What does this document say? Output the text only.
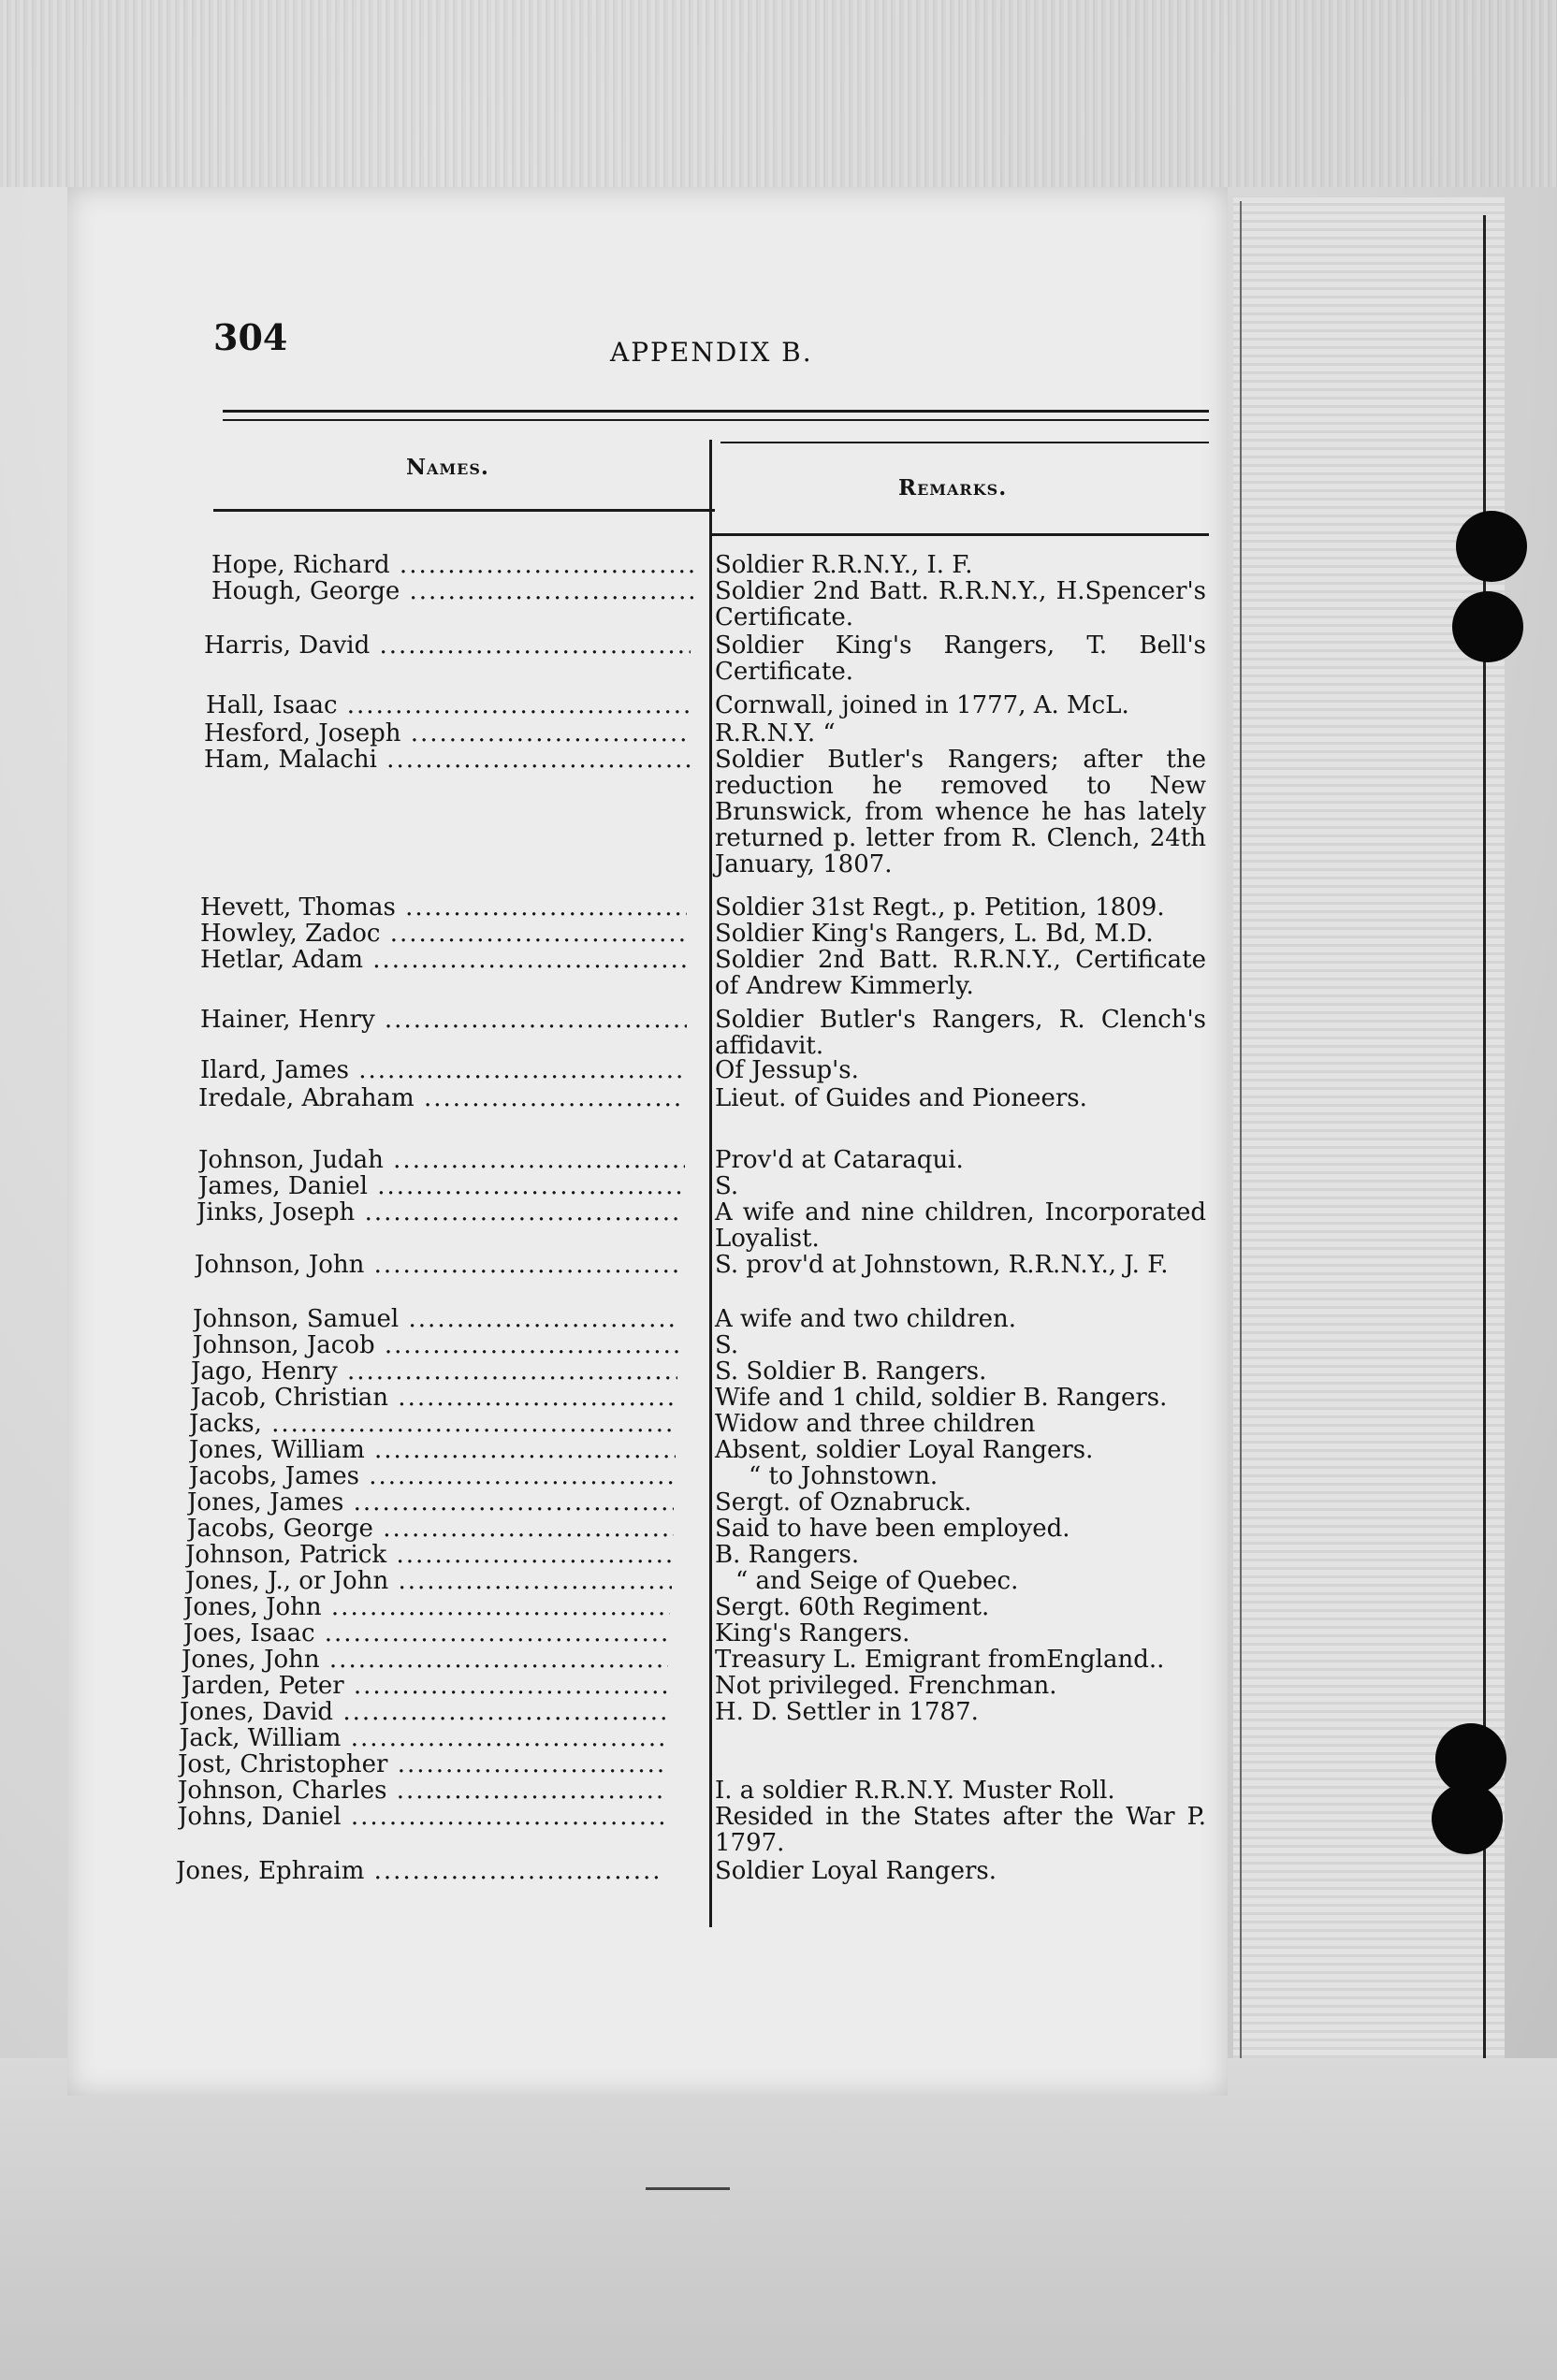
304	APPENDIX B.
Names.
Remarks.
Hope, Richard .....	Soldier R.R.N.Y., I. F.
Hough, George .....	Soldier 2nd Batt. R.R.N.Y., H.Spencer's Certificate.
Harris, David .....	Soldier King's Rangers, T. Bell's Certificate.
Hall, Isaac .....	Cornwall, joined in 1777, A. McL.
Hesford, Joseph .....	R.R.N.Y. “
Ham, Malachi .....	Soldier Butler's Rangers; after the reduction he removed to New Brunswick, from whence he has lately returned p. letter from R. Clench, 24th January, 1807.
Hevett, Thomas .....	Soldier 31st Regt., p. Petition, 1809.
Howley, Zadoc .....	Soldier King's Rangers, L. Bd, M.D.
Hetlar, Adam .....	Soldier 2nd Batt. R.R.N.Y., Certificate of Andrew Kimmerly.
Hainer, Henry .....	Soldier Butler's Rangers, R. Clench's affidavit.
Ilard, James .....	Of Jessup's.
Iredale, Abraham .....	Lieut. of Guides and Pioneers.
Johnson, Judah .....	Prov'd at Cataraqui.
James, Daniel .....	S.
Jinks, Joseph .....	A wife and nine children, Incorporated Loyalist.
Johnson, John .....	S. prov'd at Johnstown, R.R.N.Y., J. F.
Johnson, Samuel .....	A wife and two children.
Johnson, Jacob .....	S.
Jago, Henry .....	S. Soldier B. Rangers.
Jacob, Christian .....	Wife and 1 child, soldier B. Rangers.
Jacks, .....	Widow and three children
Jones, William .....	Absent, soldier Loyal Rangers.
Jacobs, James .....	“ to Johnstown.
Jones, James .....	Sergt. of Oznabruck.
Jacobs, George .....	Said to have been employed.
Johnson, Patrick .....	B. Rangers.
Jones, J., or John .....	“ and Seige of Quebec.
Jones, John .....	Sergt. 60th Regiment.
Joes, Isaac .....	King's Rangers.
Jones, John .....	Treasury L. Emigrant fromEngland..
Jarden, Peter .....	Not privileged. Frenchman.
Jones, David .....	H. D. Settler in 1787.
Jack, William .....
Jost, Christopher .....
Johnson, Charles .....	I. a soldier R.R.N.Y. Muster Roll.
Johns, Daniel .....	Resided in the States after the War P. 1797.
Jones, Ephraim .....	Soldier Loyal Rangers.
